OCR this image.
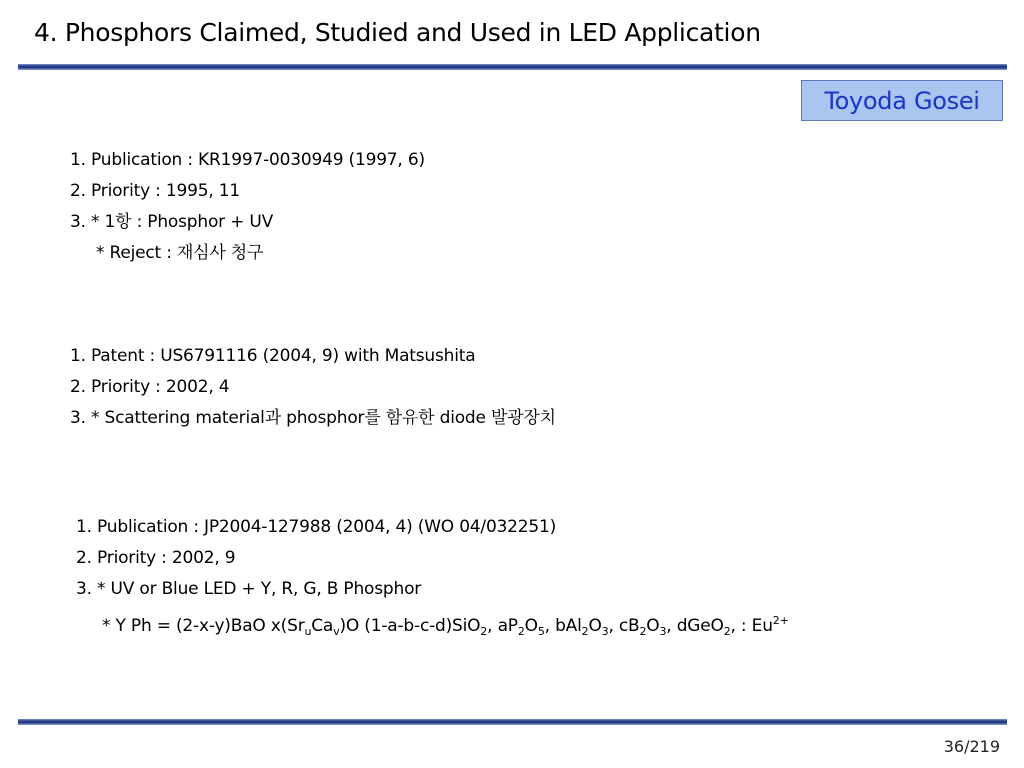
4. Phosphors Claimed, Studied and Used in LED Application
Toyoda Gosei
1. Publication : KR1997-0030949 (1997, 6)
2. Priority : 1995, 11
3. * 1항 : Phosphor + UV
* Reject : 재심사 청구
1. Patent : US6791116 (2004, 9) with Matsushita
2. Priority : 2002, 4
3. * Scattering material과 phosphor를 함유한 diode 발광장치
1. Publication : JP2004-127988 (2004, 4) (WO 04/032251)
2. Priority : 2002, 9
3. * UV or Blue LED + Y, R, G, B Phosphor
* Y Ph = (2-x-y)BaO $x(Sr_uCa_v)O$ (1-a-b-c-d)SiO$_2$, $aP_2O_5$, $bAl_2O_3$, $cB_2O_3$, dGeO$_2$, : $Eu^{2+}$
36/219
